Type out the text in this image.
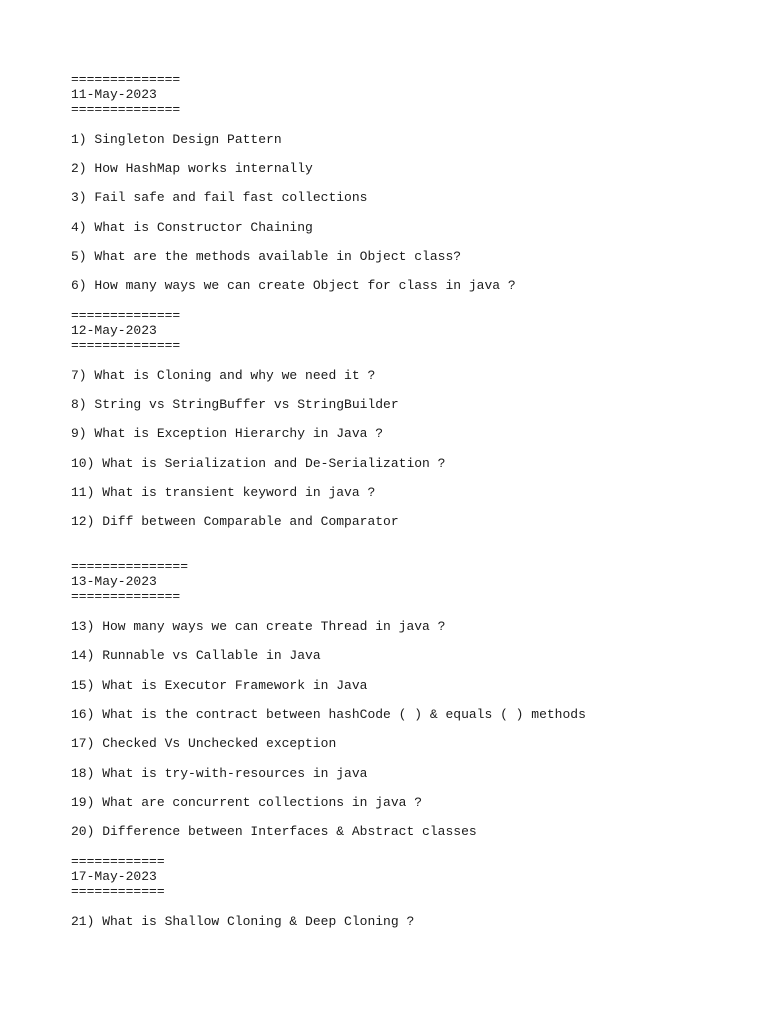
==============
11-May-2023
==============
1) Singleton Design Pattern
2) How HashMap works internally
3) Fail safe and fail fast collections
4) What is Constructor Chaining
5) What are the methods available in Object class?
6) How many ways we can create Object for class in java ?
==============
12-May-2023
==============
7) What is Cloning and why we need it ?
8) String vs StringBuffer vs StringBuilder
9) What is Exception Hierarchy in Java ?
10) What is Serialization and De-Serialization ?
11) What is transient keyword in java ?
12) Diff between Comparable and Comparator
===============
13-May-2023
==============
13) How many ways we can create Thread in java ?
14) Runnable vs Callable in Java
15) What is Executor Framework in Java
16) What is the contract between hashCode ( ) & equals ( ) methods
17) Checked Vs Unchecked exception
18) What is try-with-resources in java
19) What are concurrent collections in java ?
20) Difference between Interfaces & Abstract classes
============
17-May-2023
============
21) What is Shallow Cloning & Deep Cloning ?
